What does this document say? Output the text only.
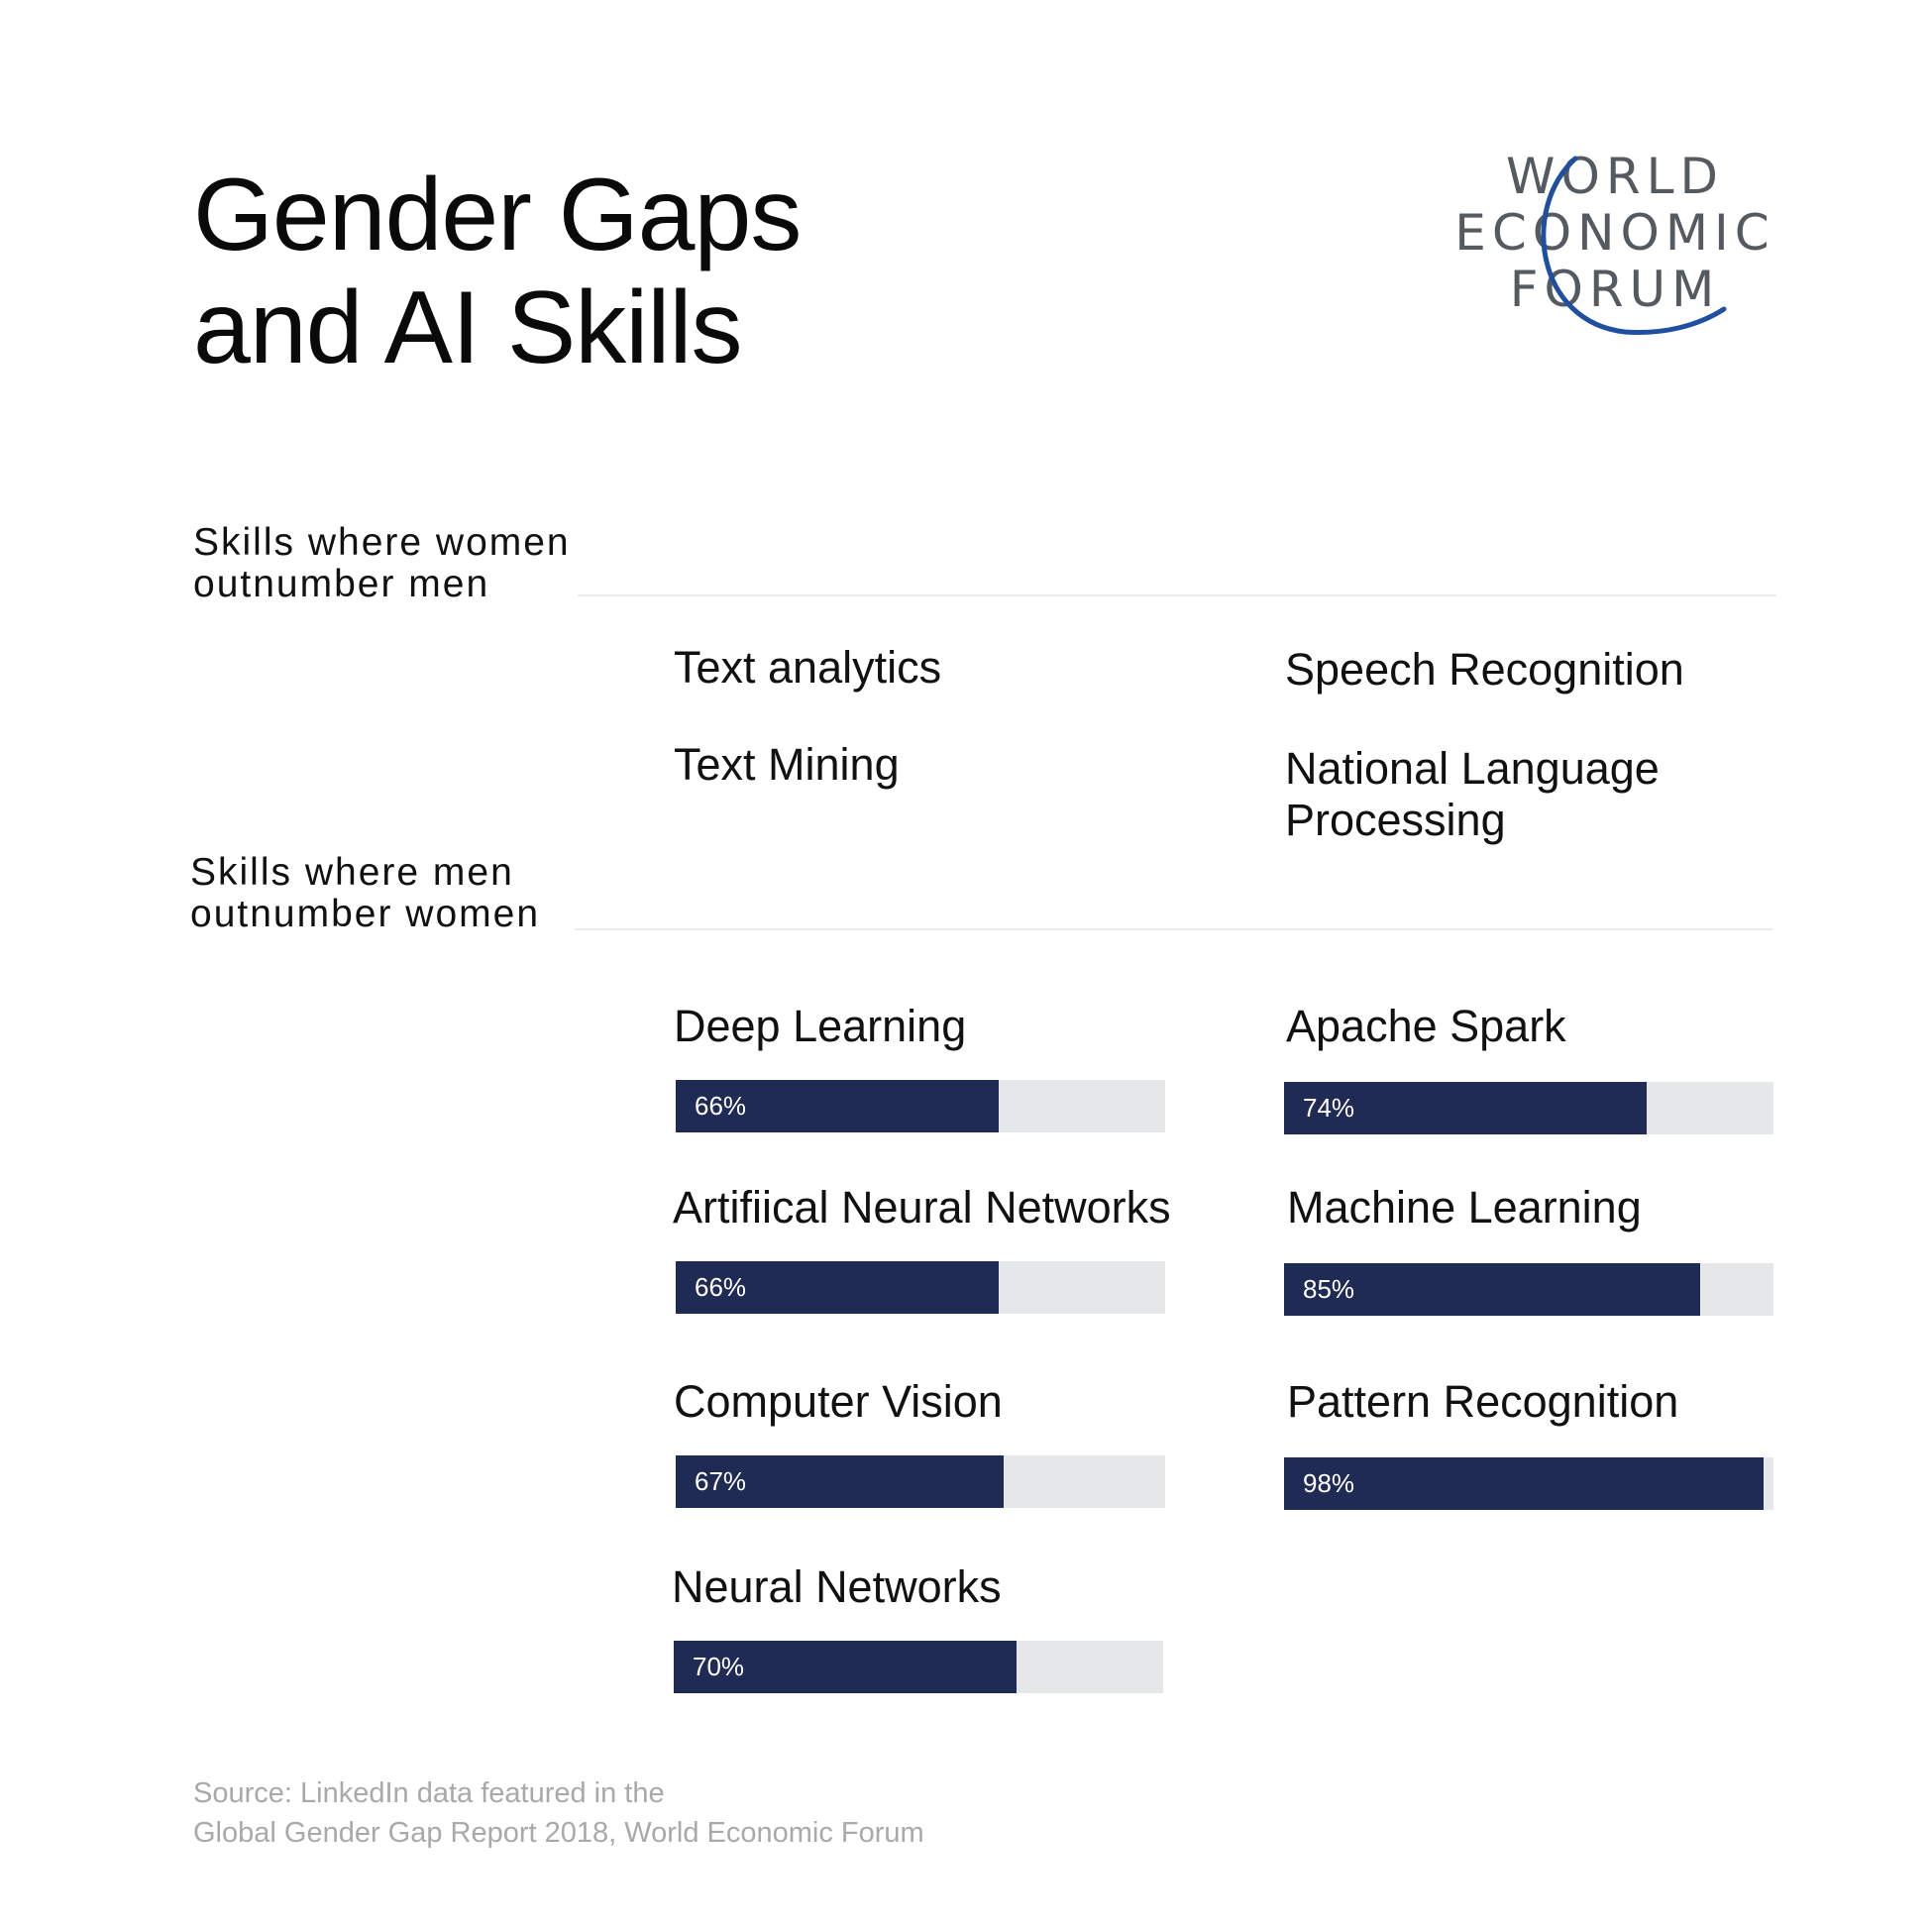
Gender Gaps
and AI Skills
WORLD
ECONOMIC
FORUM
Skills where women
outnumber men
Text analytics	Speech Recognition
Text Mining	National Language Processing
Skills where men
outnumber women
Deep Learning
66%
Apache Spark
74%
Artifiical Neural Networks
66%
Machine Learning
85%
Computer Vision
67%
Pattern Recognition
98%
Neural Networks
70%
Source: LinkedIn data featured in the
Global Gender Gap Report 2018, World Economic Forum
